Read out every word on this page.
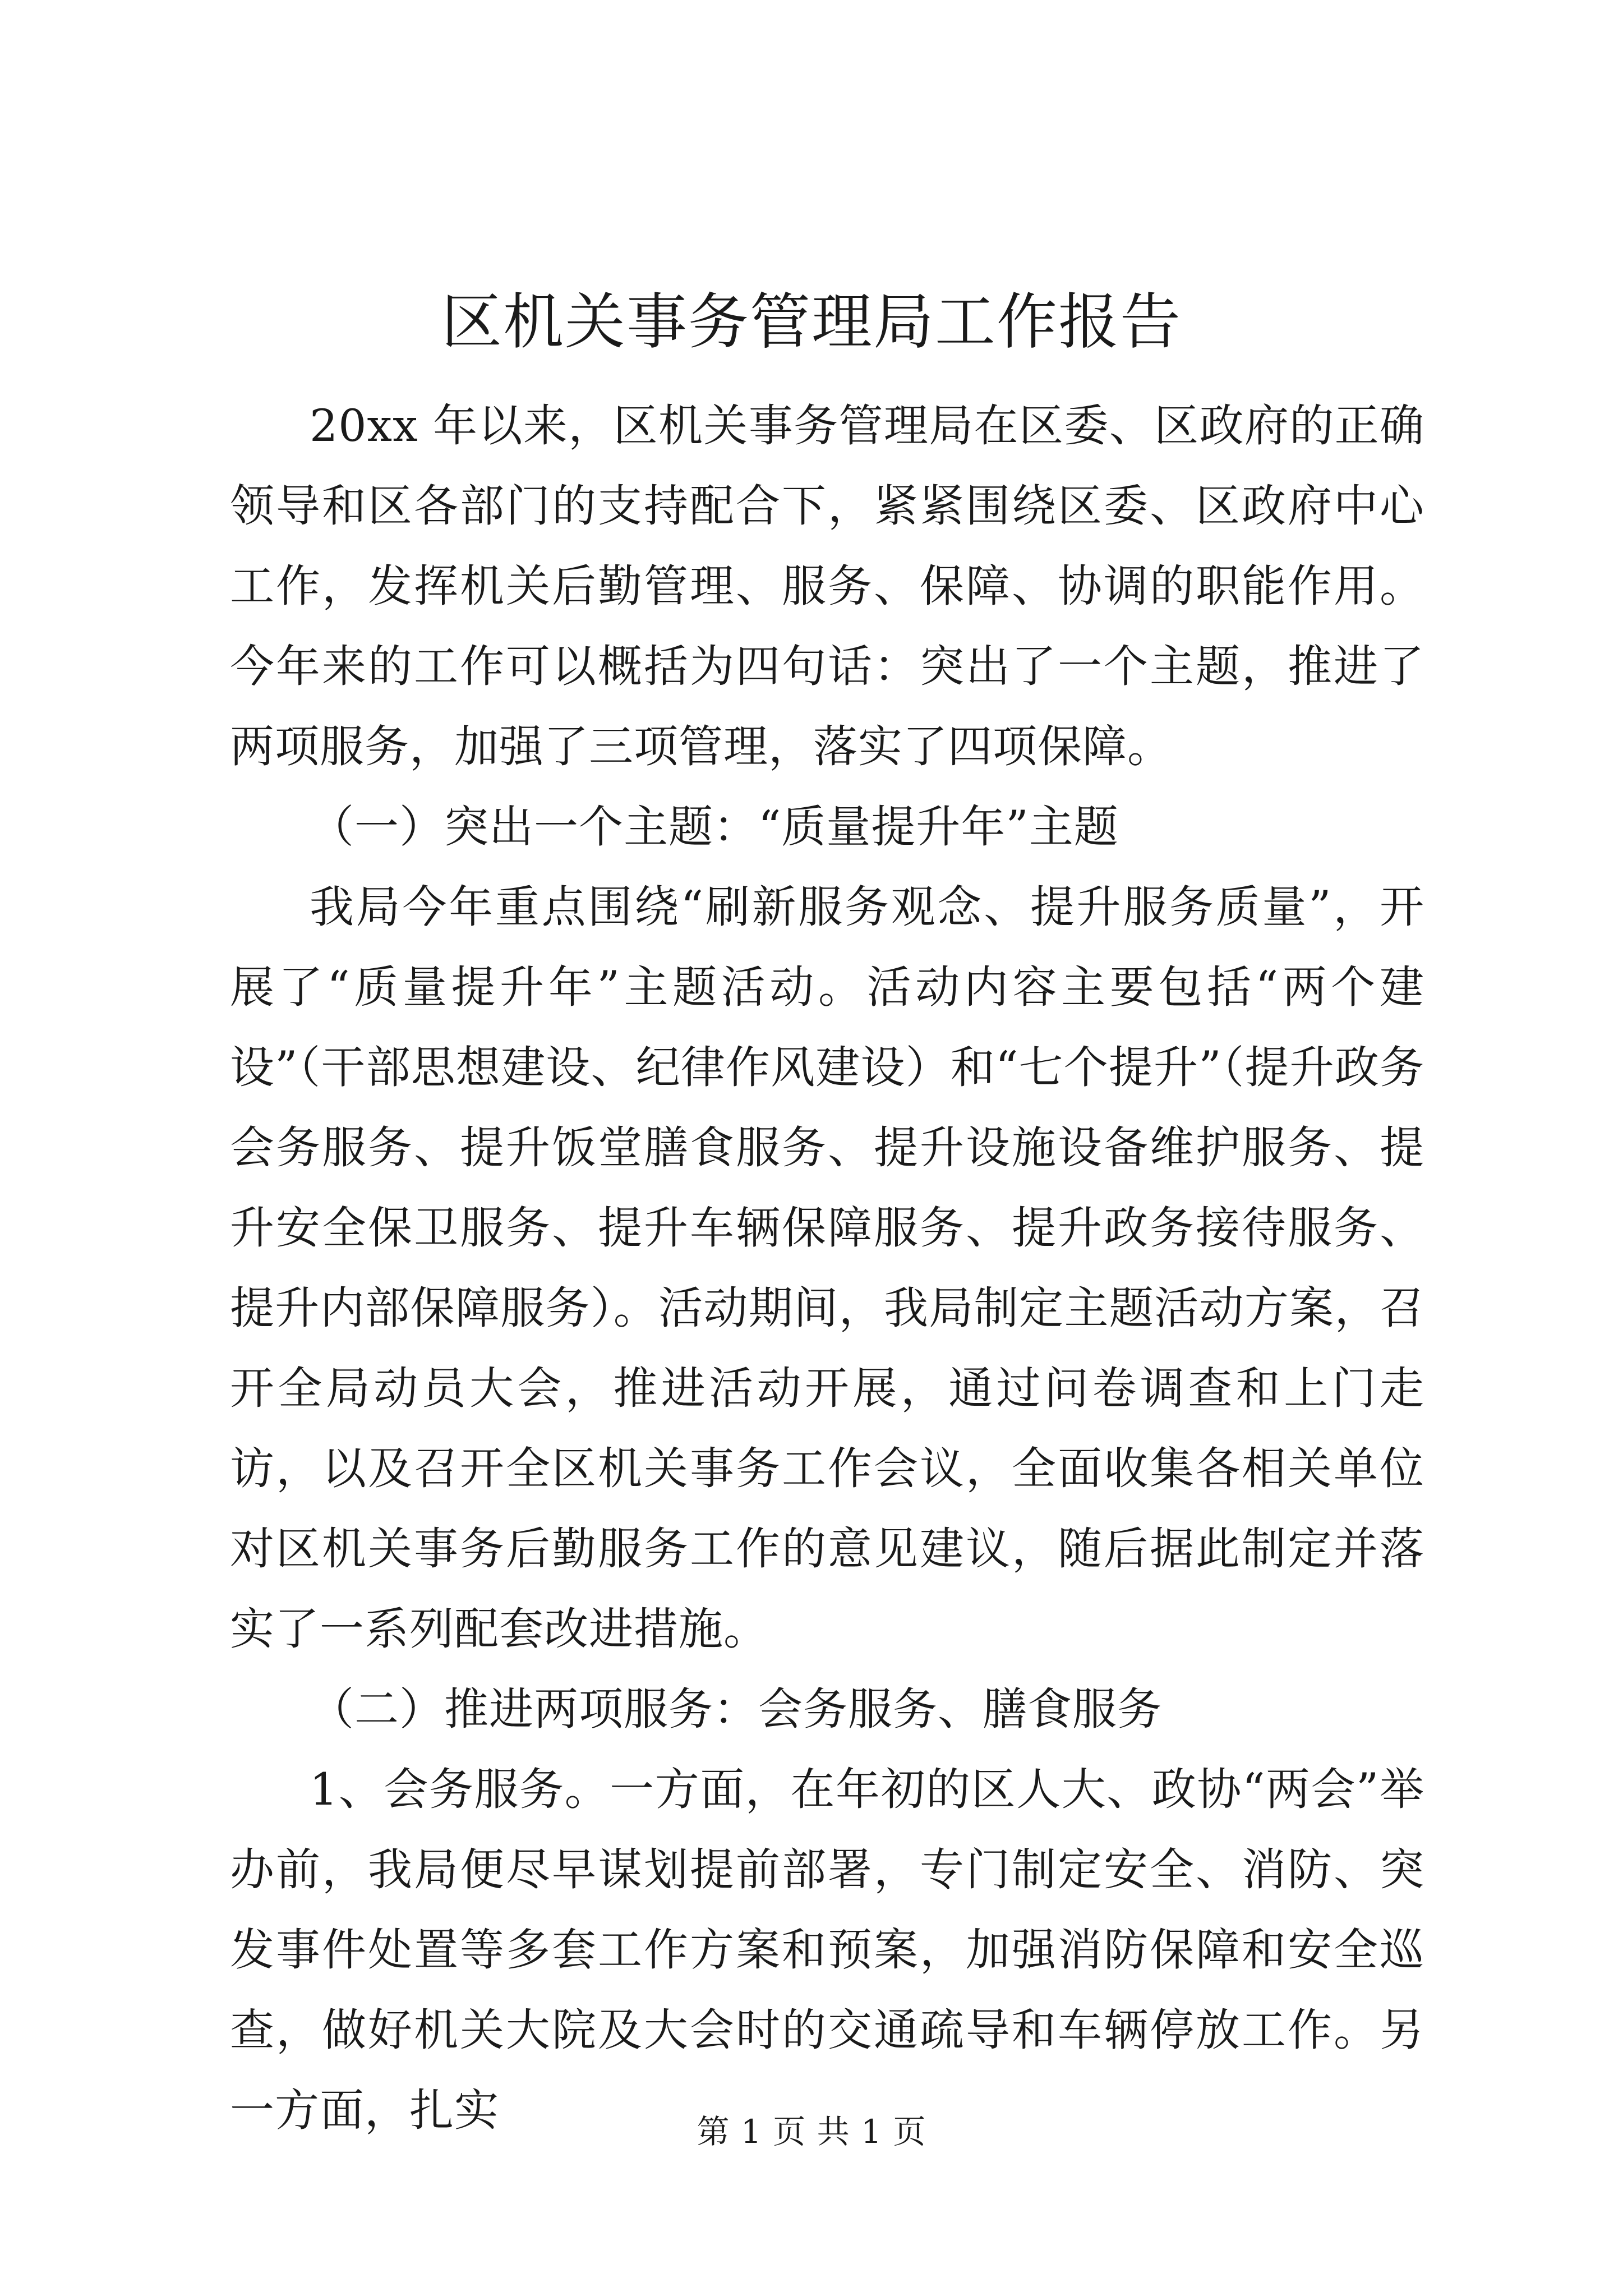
区机关事务管理局工作报告

20xx 年以来，区机关事务管理局在区委、区政府的正确领导和区各部门的支持配合下，紧紧围绕区委、区政府中心工作，发挥机关后勤管理、服务、保障、协调的职能作用。今年来的工作可以概括为四句话：突出了一个主题，推进了两项服务，加强了三项管理，落实了四项保障。

（一）突出一个主题：“质量提升年”主题

我局今年重点围绕“刷新服务观念、提升服务质量”，开展了“质量提升年”主题活动。活动内容主要包括“两个建设”（干部思想建设、纪律作风建设）和“七个提升”（提升政务会务服务、提升饭堂膳食服务、提升设施设备维护服务、提升安全保卫服务、提升车辆保障服务、提升政务接待服务、提升内部保障服务）。活动期间，我局制定主题活动方案，召开全局动员大会，推进活动开展，通过问卷调查和上门走访，以及召开全区机关事务工作会议，全面收集各相关单位对区机关事务后勤服务工作的意见建议，随后据此制定并落实了一系列配套改进措施。

（二）推进两项服务：会务服务、膳食服务

1、会务服务。一方面，在年初的区人大、政协“两会”举办前，我局便尽早谋划提前部署，专门制定安全、消防、突发事件处置等多套工作方案和预案，加强消防保障和安全巡查，做好机关大院及大会时的交通疏导和车辆停放工作。另一方面，扎实	第 1 页 共 1 页
